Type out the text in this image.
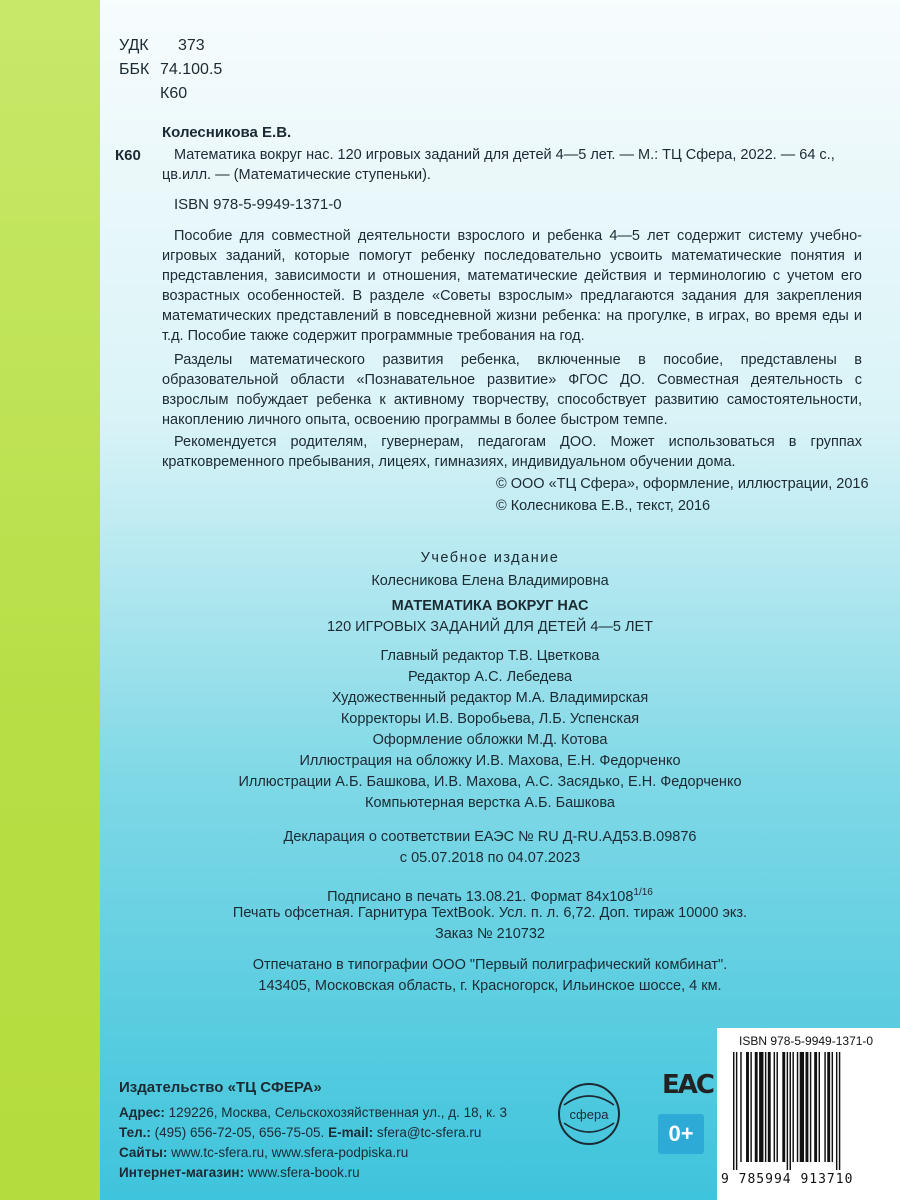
УДК 373
ББК 74.100.5
К60
Колесникова Е.В.
К60 Математика вокруг нас. 120 игровых заданий для детей 4—5 лет. — М.: ТЦ Сфера, 2022. — 64 с.,
цв.илл. — (Математические ступеньки).
ISBN 978-5-9949-1371-0
Пособие для совместной деятельности взрослого и ребенка 4—5 лет содержит систему учебно-игровых заданий, которые помогут ребенку последовательно усвоить математические понятия и представления, зависимости и отношения, математические действия и терминологию с учетом его возрастных особенностей. В разделе «Советы взрослым» предлагаются задания для закрепления математических представлений в повседневной жизни ребенка: на прогулке, в играх, во время еды и т.д. Пособие также содержит программные требования на год.
Разделы математического развития ребенка, включенные в пособие, представлены в образовательной области «Познавательное развитие» ФГОС ДО. Совместная деятельность с взрослым побуждает ребенка к активному творчеству, способствует развитию самостоятельности, накоплению личного опыта, освоению программы в более быстром темпе.
Рекомендуется родителям, гувернерам, педагогам ДОО. Может использоваться в группах кратковременного пребывания, лицеях, гимназиях, индивидуальном обучении дома.
© ООО «ТЦ Сфера», оформление, иллюстрации, 2016
© Колесникова Е.В., текст, 2016
Учебное издание
Колесникова Елена Владимировна
МАТЕМАТИКА ВОКРУГ НАС
120 ИГРОВЫХ ЗАДАНИЙ ДЛЯ ДЕТЕЙ 4—5 ЛЕТ
Главный редактор Т.В. Цветкова
Редактор А.С. Лебедева
Художественный редактор М.А. Владимирская
Корректоры И.В. Воробьева, Л.Б. Успенская
Оформление обложки М.Д. Котова
Иллюстрация на обложку И.В. Махова, Е.Н. Федорченко
Иллюстрации А.Б. Башкова, И.В. Махова, А.С. Засядько, Е.Н. Федорченко
Компьютерная верстка А.Б. Башкова
Декларация о соответствии ЕАЭС № RU Д-RU.АД53.В.09876
с 05.07.2018 по 04.07.2023
Подписано в печать 13.08.21. Формат $84х108^{1/16}$
Печать офсетная. Гарнитура TextBook. Усл. п. л. 6,72. Доп. тираж 10000 экз.
Заказ № 210732
Отпечатано в типографии ООО "Первый полиграфический комбинат".
143405, Московская область, г. Красногорск, Ильинское шоссе, 4 км.
Издательство «ТЦ СФЕРА»
Адрес: 129226, Москва, Сельскохозяйственная ул., д. 18, к. 3
Тел.: (495) 656-72-05, 656-75-05. E-mail: sfera@tc-sfera.ru
Сайты: www.tc-sfera.ru, www.sfera-podpiska.ru
Интернет-магазин: www.sfera-book.ru
сфера
ЕАС
0+
ISBN 978-5-9949-1371-0
9 785994 913710
